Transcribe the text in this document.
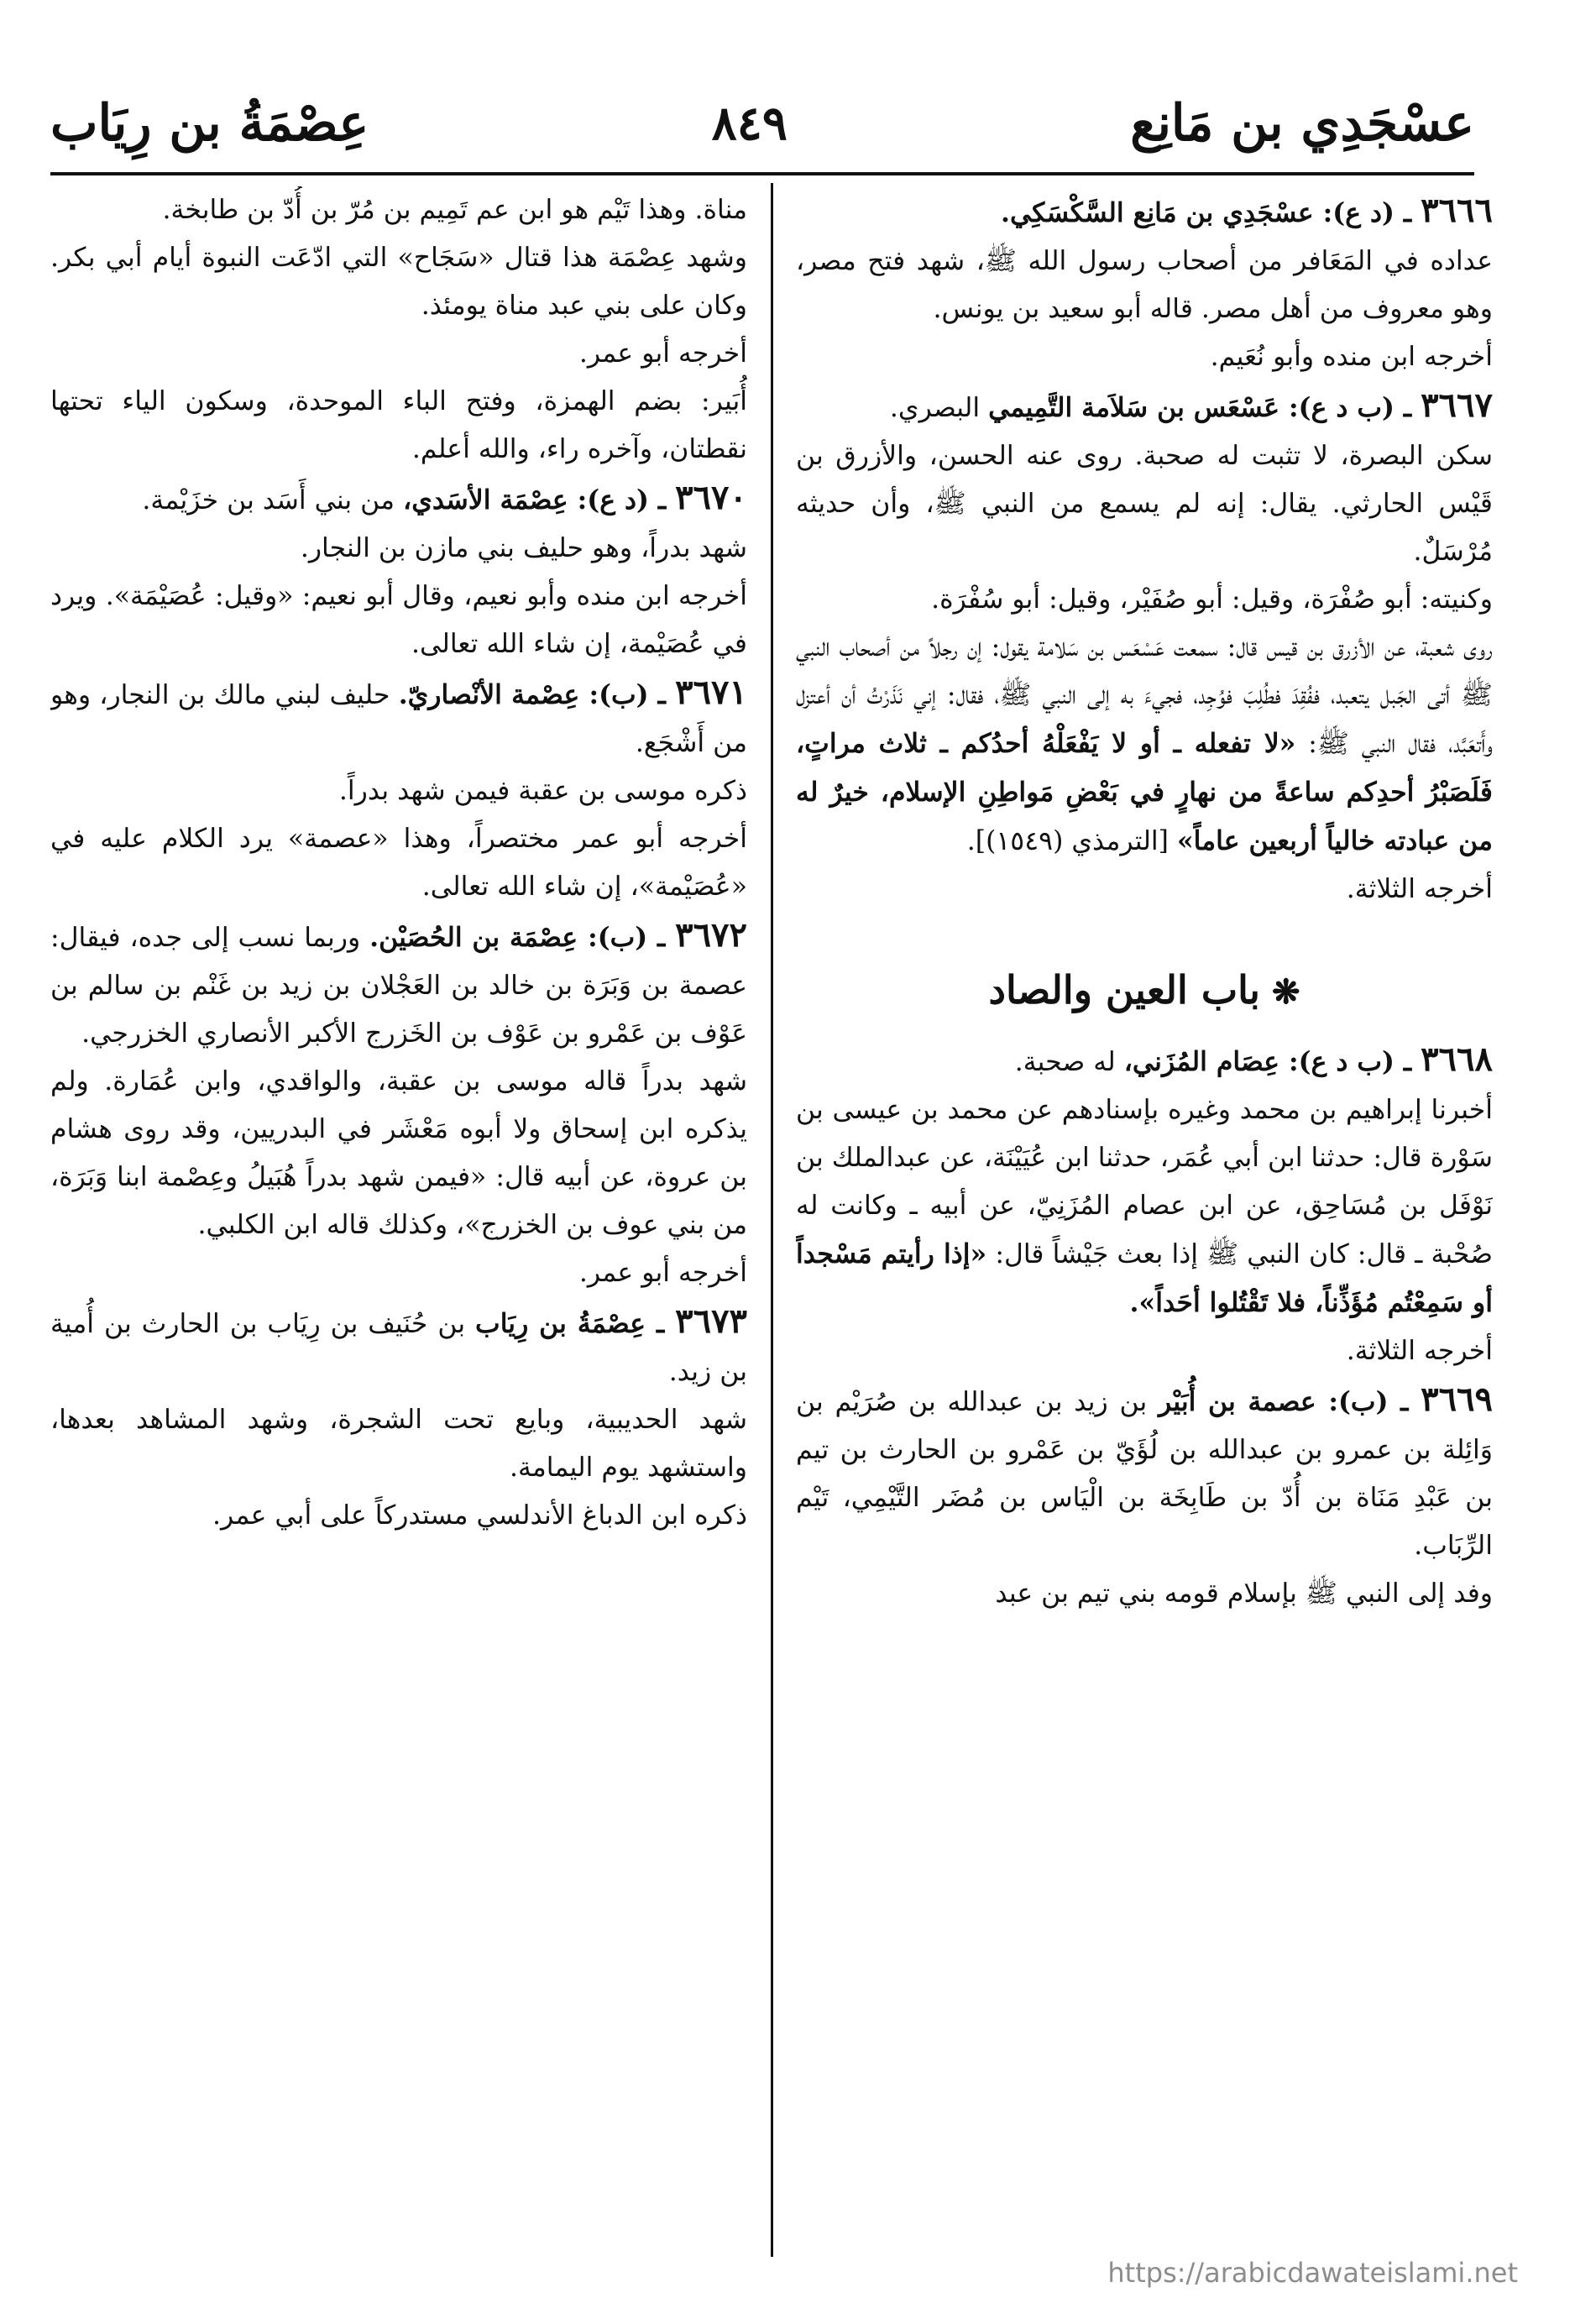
عسْجَدِي بن مَانِع
٨٤٩
عِصْمَةُ بن رِيَاب

٣٦٦٦ ـ (د ع): عسْجَدِي بن مَانِع السَّكْسَكِي.

عداده في المَعَافر من أصحاب رسول الله ﷺ، شهد فتح مصر، وهو معروف من أهل مصر. قاله أبو سعيد بن يونس.

أخرجه ابن منده وأبو نُعَيم.

٣٦٦٧ ـ (ب د ع): عَسْعَس بن سَلاَمة التَّمِيمي البصري.

سكن البصرة، لا تثبت له صحبة. روى عنه الحسن، والأزرق بن قَيْس الحارثي. يقال: إنه لم يسمع من النبي ﷺ، وأن حديثه مُرْسَلٌ.

وكنيته: أبو صُفْرَة، وقيل: أبو صُفَيْر، وقيل: أبو سُفْرَة.

روى شعبة، عن الأزرق بن قيس قال: سمعت عَسْعَس بن سَلامة يقول: إن رجلاً من أصحاب النبي ﷺ أتى الجَبل يتعبد، ففُقِدَ فطُلِبَ فوُجِد، فجيءَ به إلى النبي ﷺ، فقال: إني نَذَرْتُ أن أعتزل وأَتعَبَّد، فقال النبي ﷺ: «لا تفعله ـ أو لا يَفْعَلْهُ أحدُكم ـ ثلاث مراتٍ، فَلَصَبْرُ أحدِكم ساعةً من نهارٍ في بَعْضِ مَواطِنِ الإسلام، خيرٌ له من عبادته خالياً أربعين عاماً» [الترمذي (١٥٤٩)].

أخرجه الثلاثة.

❋باب العين والصاد

٣٦٦٨ ـ (ب د ع): عِصَام المُزَني، له صحبة.

أخبرنا إبراهيم بن محمد وغيره بإسنادهم عن محمد بن عيسى بن سَوْرة قال: حدثنا ابن أبي عُمَر، حدثنا ابن عُيَيْنَة، عن عبدالملك بن نَوْفَل بن مُسَاحِق، عن ابن عصام المُزَنِيّ، عن أبيه ـ وكانت له صُحْبة ـ قال: كان النبي ﷺ إذا بعث جَيْشاً قال: «إذا رأيتم مَسْجداً أو سَمِعْتُم مُؤَذِّناً، فلا تَقْتُلوا أحَداً».

أخرجه الثلاثة.

٣٦٦٩ ـ (ب): عصمة بن أُبَيْر بن زيد بن عبدالله بن صُرَيْم بن وَائِلة بن عمرو بن عبدالله بن لُؤَيّ بن عَمْرو بن الحارث بن تيم بن عَبْدِ مَنَاة بن أُدّ بن طَابِخَة بن الْيَاس بن مُضَر التَّيْمِي، تَيْم الرِّبَاب.

وفد إلى النبي ﷺ بإسلام قومه بني تيم بن عبد

مناة. وهذا تَيْم هو ابن عم تَمِيم بن مُرّ بن أُدّ بن طابخة.

وشهد عِصْمَة هذا قتال «سَجَاح» التي ادّعَت النبوة أيام أبي بكر. وكان على بني عبد مناة يومئذ.

أخرجه أبو عمر.

أُبَير: بضم الهمزة، وفتح الباء الموحدة، وسكون الياء تحتها نقطتان، وآخره راء، والله أعلم.

٣٦٧٠ ـ (د ع): عِصْمَة الأسَدي، من بني أَسَد بن خزَيْمة.

شهد بدراً، وهو حليف بني مازن بن النجار.

أخرجه ابن منده وأبو نعيم، وقال أبو نعيم: «وقيل: عُصَيْمَة». ويرد في عُصَيْمة، إن شاء الله تعالى.

٣٦٧١ ـ (ب): عِصْمة الأنْصاريّ. حليف لبني مالك بن النجار، وهو من أَشْجَع.

ذكره موسى بن عقبة فيمن شهد بدراً.

أخرجه أبو عمر مختصراً، وهذا «عصمة» يرد الكلام عليه في «عُصَيْمة»، إن شاء الله تعالى.

٣٦٧٢ ـ (ب): عِصْمَة بن الحُصَيْن. وربما نسب إلى جده، فيقال: عصمة بن وَبَرَة بن خالد بن العَجْلان بن زيد بن غَنْم بن سالم بن عَوْف بن عَمْرو بن عَوْف بن الخَزرج الأكبر الأنصاري الخزرجي.

شهد بدراً قاله موسى بن عقبة، والواقدي، وابن عُمَارة. ولم يذكره ابن إسحاق ولا أبوه مَعْشَر في البدريين، وقد روى هشام بن عروة، عن أبيه قال: «فيمن شهد بدراً هُبَيلُ وعِصْمة ابنا وَبَرَة، من بني عوف بن الخزرج»، وكذلك قاله ابن الكلبي.

أخرجه أبو عمر.

٣٦٧٣ ـ عِصْمَةُ بن رِيَاب بن حُنَيف بن رِيَاب بن الحارث بن أُمية بن زيد.

شهد الحديبية، وبايع تحت الشجرة، وشهد المشاهد بعدها، واستشهد يوم اليمامة.

ذكره ابن الدباغ الأندلسي مستدركاً على أبي عمر.

https://arabicdawateislami.net
